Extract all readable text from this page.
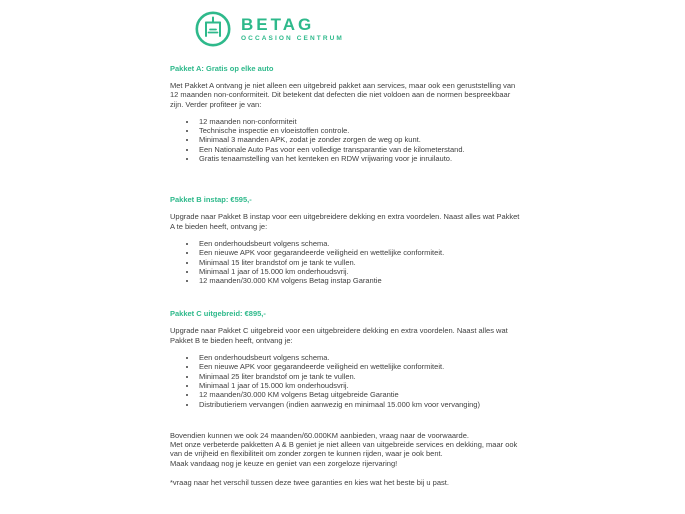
BETAG
OCCASION CENTRUM
Pakket A: Gratis op elke auto

Met Pakket A ontvang je niet alleen een uitgebreid pakket aan services, maar ook een geruststelling van 12 maanden non-conformiteit. Dit betekent dat defecten die niet voldoen aan de normen bespreekbaar zijn. Verder profiteer je van:

• 12 maanden non-conformiteit
• Technische inspectie en vloeistoffen controle.
• Minimaal 3 maanden APK, zodat je zonder zorgen de weg op kunt.
• Een Nationale Auto Pas voor een volledige transparantie van de kilometerstand.
• Gratis tenaamstelling van het kenteken en RDW vrijwaring voor je inruilauto.
Pakket B instap: €595,-

Upgrade naar Pakket B instap voor een uitgebreidere dekking en extra voordelen. Naast alles wat Pakket A te bieden heeft, ontvang je:

• Een onderhoudsbeurt volgens schema.
• Een nieuwe APK voor gegarandeerde veiligheid en wettelijke conformiteit.
• Minimaal 15 liter brandstof om je tank te vullen.
• Minimaal 1 jaar of 15.000 km onderhoudsvrij.
• 12 maanden/30.000 KM volgens Betag instap Garantie
Pakket C uitgebreid: €895,-

Upgrade naar Pakket C uitgebreid voor een uitgebreidere dekking en extra voordelen. Naast alles wat Pakket B te bieden heeft, ontvang je:

• Een onderhoudsbeurt volgens schema.
• Een nieuwe APK voor gegarandeerde veiligheid en wettelijke conformiteit.
• Minimaal 25 liter brandstof om je tank te vullen.
• Minimaal 1 jaar of 15.000 km onderhoudsvrij.
• 12 maanden/30.000 KM volgens Betag uitgebreide Garantie
• Distributieriem vervangen (indien aanwezig en minimaal 15.000 km voor vervanging)

Bovendien kunnen we ook 24 maanden/60.000KM aanbieden, vraag naar de voorwaarde.

Met onze verbeterde pakketten A & B geniet je niet alleen van uitgebreide services en dekking, maar ook van de vrijheid en flexibiliteit om zonder zorgen te kunnen rijden, waar je ook bent.

Maak vandaag nog je keuze en geniet van een zorgeloze rijervaring!

*vraag naar het verschil tussen deze twee garanties en kies wat het beste bij u past.
